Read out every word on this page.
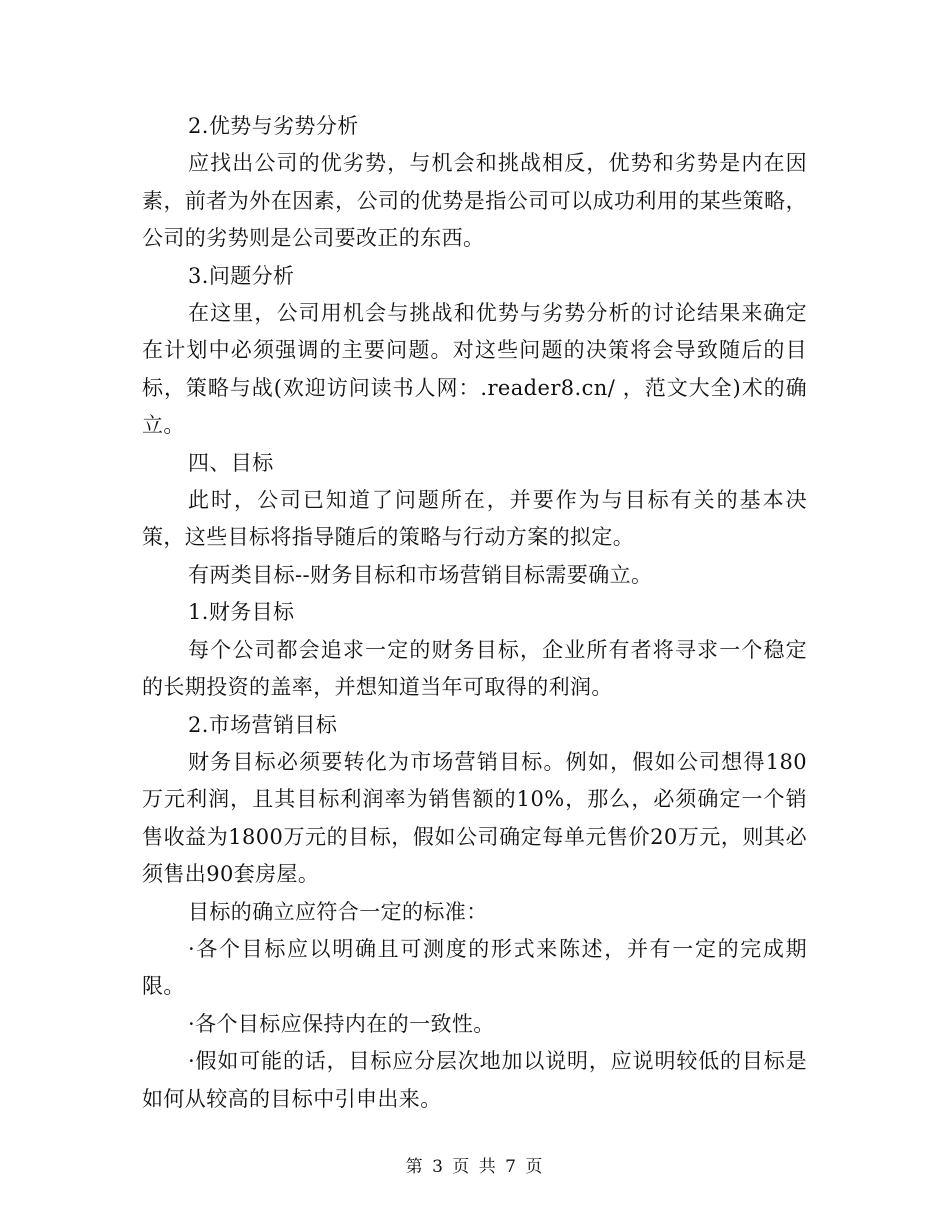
2.优势与劣势分析

应找出公司的优劣势，与机会和挑战相反，优势和劣势是内在因素，前者为外在因素，公司的优势是指公司可以成功利用的某些策略，公司的劣势则是公司要改正的东西。

3.问题分析

在这里，公司用机会与挑战和优势与劣势分析的讨论结果来确定在计划中必须强调的主要问题。对这些问题的决策将会导致随后的目标，策略与战(欢迎访问读书人网：.reader8.cn/ ，范文大全)术的确立。

四、目标

此时，公司已知道了问题所在，并要作为与目标有关的基本决策，这些目标将指导随后的策略与行动方案的拟定。

有两类目标--财务目标和市场营销目标需要确立。

1.财务目标

每个公司都会追求一定的财务目标，企业所有者将寻求一个稳定的长期投资的盖率，并想知道当年可取得的利润。

2.市场营销目标

财务目标必须要转化为市场营销目标。例如，假如公司想得180万元利润，且其目标利润率为销售额的10%，那么，必须确定一个销售收益为1800万元的目标，假如公司确定每单元售价20万元，则其必须售出90套房屋。

目标的确立应符合一定的标准：

·各个目标应以明确且可测度的形式来陈述，并有一定的完成期限。

·各个目标应保持内在的一致性。

·假如可能的话，目标应分层次地加以说明，应说明较低的目标是如何从较高的目标中引申出来。

第 3 页 共 7 页
